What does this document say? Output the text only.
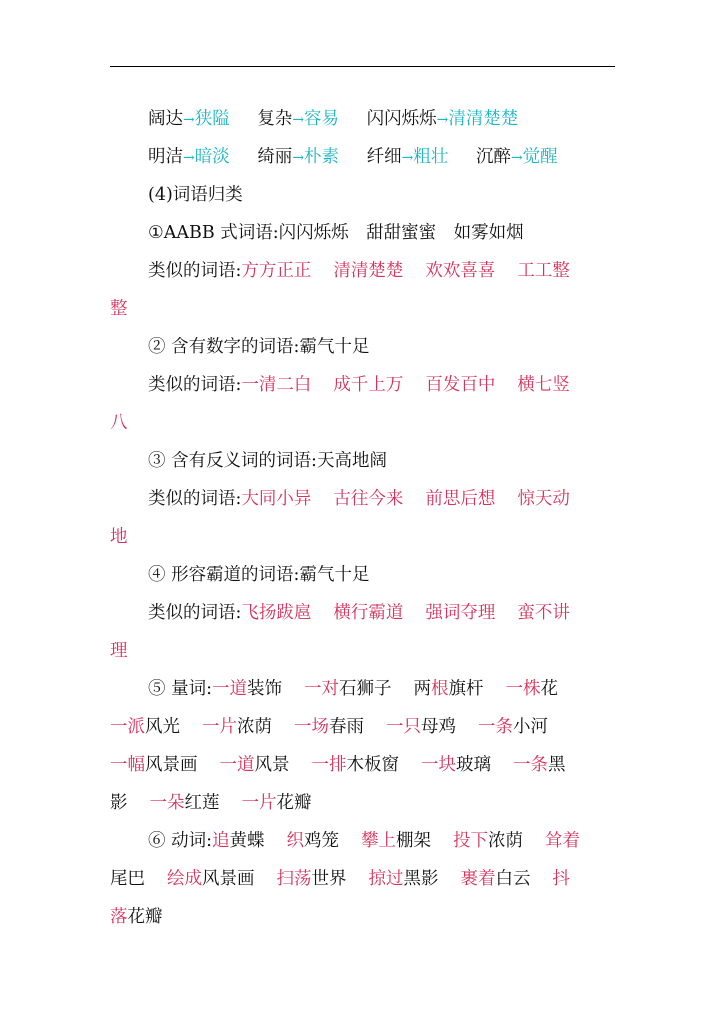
阔达→狭隘 复杂→容易 闪闪烁烁→清清楚楚
明洁→暗淡 绮丽→朴素 纤细→粗壮 沉醉→觉醒
(4)词语归类
①AABB 式词语:闪闪烁烁　甜甜蜜蜜　如雾如烟
类似的词语:方方正正 清清楚楚 欢欢喜喜 工工整
整
② 含有数字的词语:霸气十足
类似的词语:一清二白 成千上万 百发百中 横七竖
八
③ 含有反义词的词语:天高地阔
类似的词语:大同小异 古往今来 前思后想 惊天动
地
④ 形容霸道的词语:霸气十足
类似的词语:飞扬跋扈 横行霸道 强词夺理 蛮不讲
理
⑤ 量词:一道装饰 一对石狮子 两根旗杆 一株花
一派风光 一片浓荫 一场春雨 一只母鸡 一条小河
一幅风景画 一道风景 一排木板窗 一块玻璃 一条黑
影 一朵红莲 一片花瓣
⑥ 动词:追黄蝶 织鸡笼 攀上棚架 投下浓荫 耸着
尾巴 绘成风景画 扫荡世界 掠过黑影 裹着白云 抖
落花瓣
